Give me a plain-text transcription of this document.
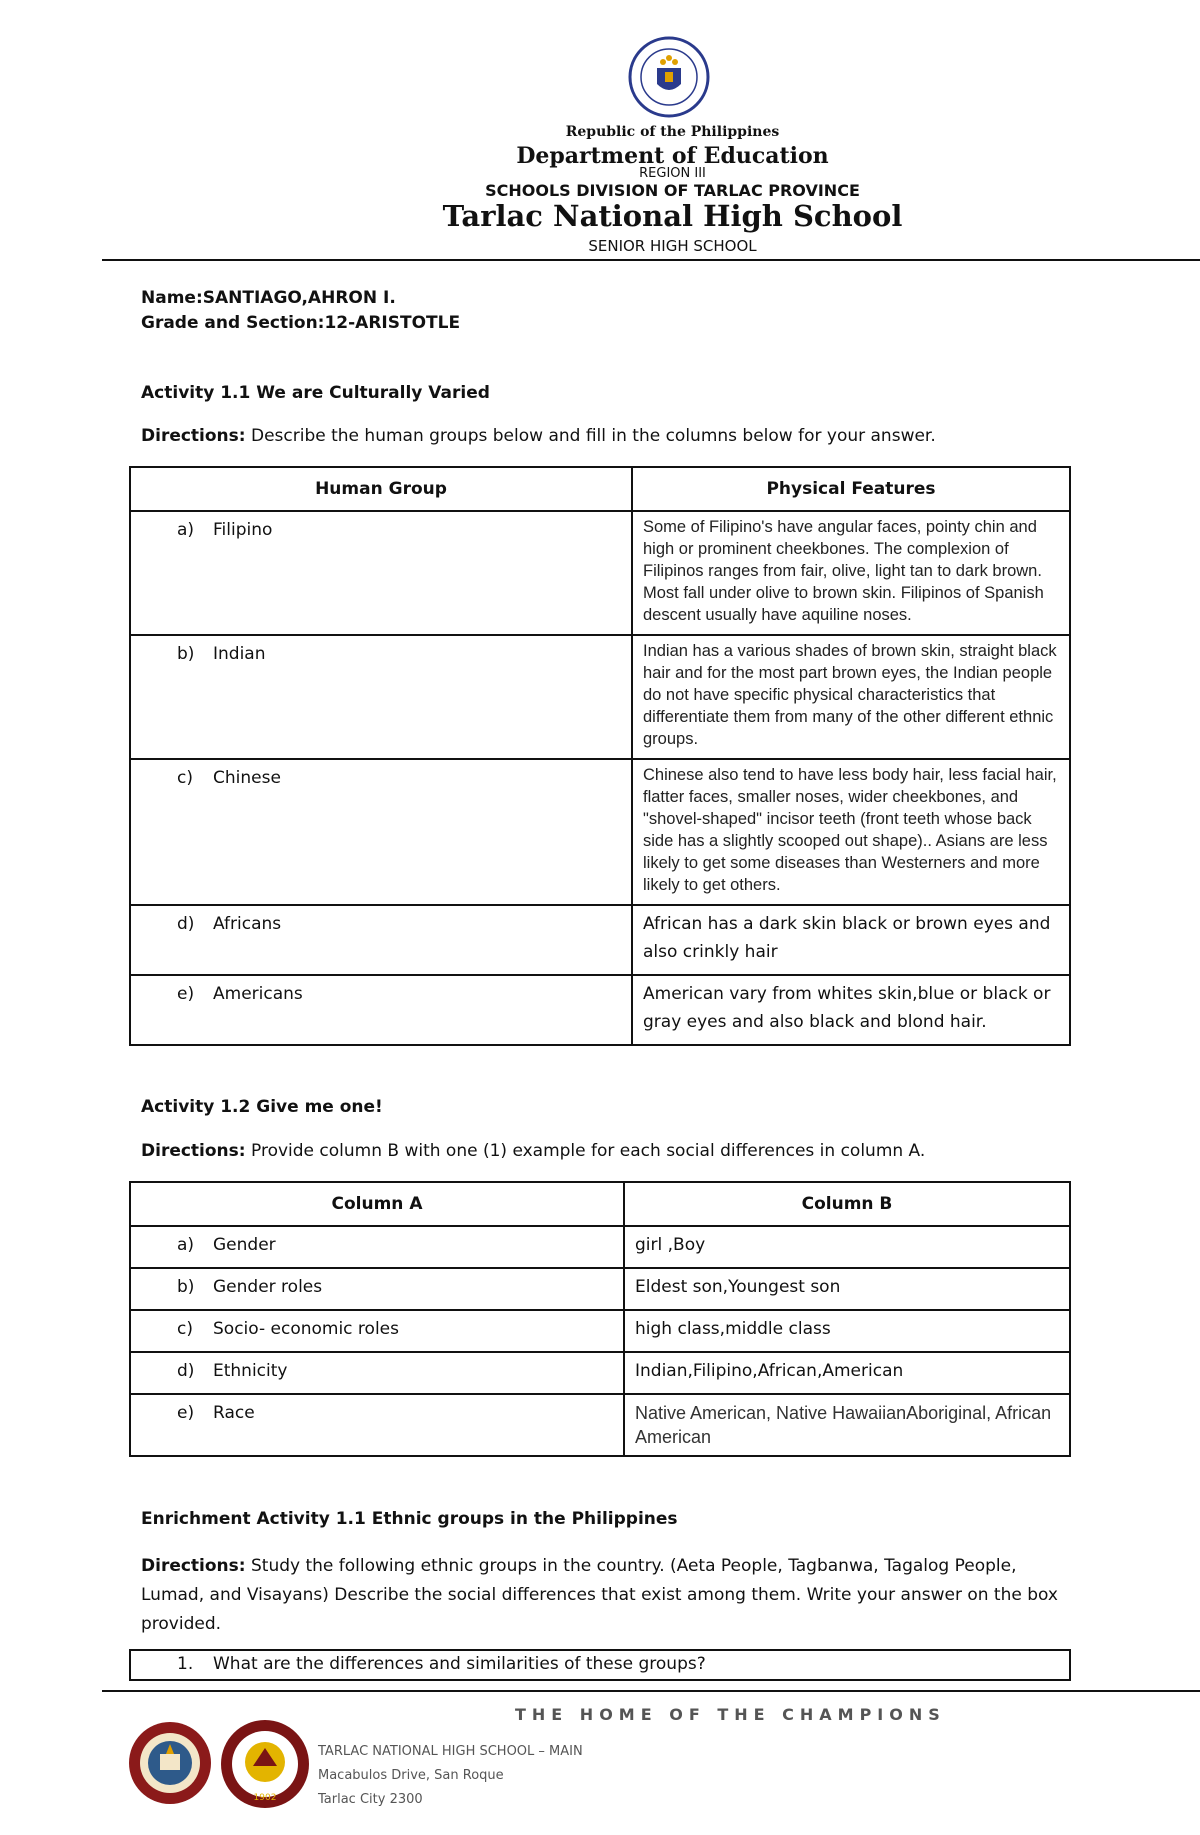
Republic of the Philippines
Department of Education
REGION III
SCHOOLS DIVISION OF TARLAC PROVINCE
Tarlac National High School
SENIOR HIGH SCHOOL
Name:SANTIAGO,AHRON I.
Grade and Section:12-ARISTOTLE
Activity 1.1 We are Culturally Varied
Directions: Describe the human groups below and fill in the columns below for your answer.
Human Group	Physical Features

a) Filipino	Some of Filipino's have angular faces, pointy chin and high or prominent cheekbones. The complexion of Filipinos ranges from fair, olive, light tan to dark brown. Most fall under olive to brown skin. Filipinos of Spanish descent usually have aquiline noses.

b) Indian	Indian has a various shades of brown skin, straight black hair and for the most part brown eyes, the Indian people do not have specific physical characteristics that differentiate them from many of the other different ethnic groups.

c) Chinese	Chinese also tend to have less body hair, less facial hair, flatter faces, smaller noses, wider cheekbones, and "shovel-shaped" incisor teeth (front teeth whose back side has a slightly scooped out shape).. Asians are less likely to get some diseases than Westerners and more likely to get others.

d) Africans	African has a dark skin black or brown eyes and also crinkly hair

e) Americans	American vary from whites skin,blue or black or gray eyes and also black and blond hair.
Activity 1.2 Give me one!
Directions: Provide column B with one (1) example for each social differences in column A.
Column A	Column B

a) Gender	girl ,Boy

b) Gender roles	Eldest son,Youngest son

c) Socio- economic roles	high class,middle class

d) Ethnicity	Indian,Filipino,African,American

e) Race	Native American, Native HawaiianAboriginal, African American
Enrichment Activity 1.1 Ethnic groups in the Philippines
Directions: Study the following ethnic groups in the country. (Aeta People, Tagbanwa, Tagalog People, Lumad, and Visayans) Describe the social differences that exist among them. Write your answer on the box provided.
1.	What are the differences and similarities of these groups?
THE HOME OF THE CHAMPIONS
1902
TARLAC NATIONAL HIGH SCHOOL – MAIN
Macabulos Drive, San Roque
Tarlac City 2300
